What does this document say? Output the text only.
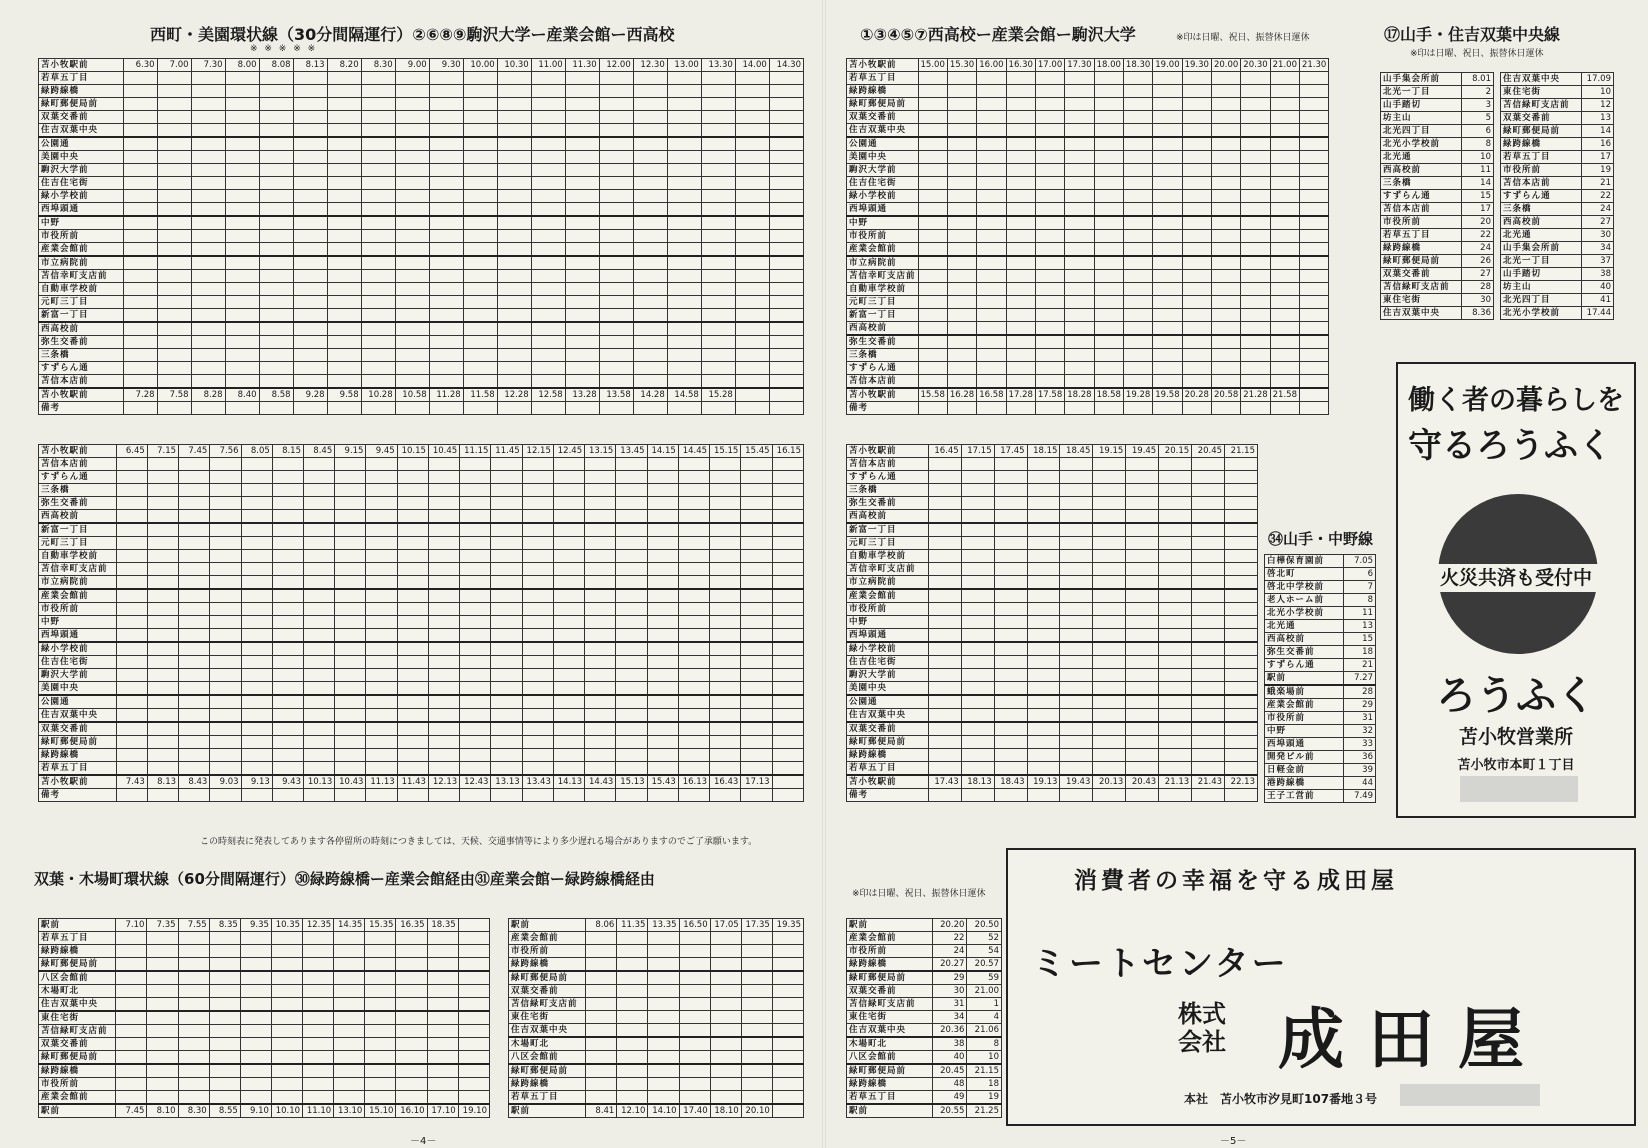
西町・美園環状線（30分間隔運行）②⑥⑧⑨駒沢大学ー産業会館ー西高校
※ ※ ※ ※ ※
苫小牧駅前	6.30	7.00	7.30	8.00	8.08	8.13	8.20	8.30	9.00	9.30	10.00	10.30	11.00	11.30	12.00	12.30	13.00	13.30	14.00	14.30
若草五丁目																				
緑跨線橋																				
緑町郵便局前																				
双葉交番前																				
住吉双葉中央																				
公園通																				
美園中央																				
駒沢大学前																				
住吉住宅街																				
緑小学校前																				
西埠頭通																				
中野																				
市役所前																				
産業会館前																				
市立病院前																				
苫信幸町支店前																				
自動車学校前																				
元町三丁目																				
新富一丁目																				
西高校前																				
弥生交番前																				
三条橋																				
すずらん通																				
苫信本店前																				
苫小牧駅前	7.28	7.58	8.28	8.40	8.58	9.28	9.58	10.28	10.58	11.28	11.58	12.28	12.58	13.28	13.58	14.28	14.58	15.28		
備考																				
苫小牧駅前	6.45	7.15	7.45	7.56	8.05	8.15	8.45	9.15	9.45	10.15	10.45	11.15	11.45	12.15	12.45	13.15	13.45	14.15	14.45	15.15	15.45	16.15
苫信本店前																						
すずらん通																						
三条橋																						
弥生交番前																						
西高校前																						
新富一丁目																						
元町三丁目																						
自動車学校前																						
苫信幸町支店前																						
市立病院前																						
産業会館前																						
市役所前																						
中野																						
西埠頭通																						
緑小学校前																						
住吉住宅街																						
駒沢大学前																						
美園中央																						
公園通																						
住吉双葉中央																						
双葉交番前																						
緑町郵便局前																						
緑跨線橋																						
若草五丁目																						
苫小牧駅前	7.43	8.13	8.43	9.03	9.13	9.43	10.13	10.43	11.13	11.43	12.13	12.43	13.13	13.43	14.13	14.43	15.13	15.43	16.13	16.43	17.13	
備考																						
この時刻表に発表してあります各停留所の時刻につきましては、天候、交通事情等により多少遅れる場合がありますのでご了承願います。
双葉・木場町環状線（60分間隔運行）㉚緑跨線橋ー産業会館経由㉛産業会館ー緑跨線橋経由
駅前	7.10	7.35	7.55	8.35	9.35	10.35	12.35	14.35	15.35	16.35	18.35	
若草五丁目												
緑跨線橋												
緑町郵便局前												
八区会館前												
木場町北												
住吉双葉中央												
東住宅街												
苫信緑町支店前												
双葉交番前												
緑町郵便局前												
緑跨線橋												
市役所前												
産業会館前												
駅前	7.45	8.10	8.30	8.55	9.10	10.10	11.10	13.10	15.10	16.10	17.10	19.10
駅前	8.06	11.35	13.35	16.50	17.05	17.35	19.35
産業会館前							
市役所前							
緑跨線橋							
緑町郵便局前							
双葉交番前							
苫信緑町支店前							
東住宅街							
住吉双葉中央							
木場町北							
八区会館前							
緑町郵便局前							
緑跨線橋							
若草五丁目							
駅前	8.41	12.10	14.10	17.40	18.10	20.10	
－4－
①③④⑤⑦西高校ー産業会館ー駒沢大学	※印は日曜、祝日、振替休日運休
苫小牧駅前	15.00	15.30	16.00	16.30	17.00	17.30	18.00	18.30	19.00	19.30	20.00	20.30	21.00	21.30
若草五丁目														
緑跨線橋														
緑町郵便局前														
双葉交番前														
住吉双葉中央														
公園通														
美園中央														
駒沢大学前														
住吉住宅街														
緑小学校前														
西埠頭通														
中野														
市役所前														
産業会館前														
市立病院前														
苫信幸町支店前														
自動車学校前														
元町三丁目														
新富一丁目														
西高校前														
弥生交番前														
三条橋														
すずらん通														
苫信本店前														
苫小牧駅前	15.58	16.28	16.58	17.28	17.58	18.28	18.58	19.28	19.58	20.28	20.58	21.28	21.58	
備考														
苫小牧駅前	16.45	17.15	17.45	18.15	18.45	19.15	19.45	20.15	20.45	21.15
苫信本店前										
すずらん通										
三条橋										
弥生交番前										
西高校前										
新富一丁目										
元町三丁目										
自動車学校前										
苫信幸町支店前										
市立病院前										
産業会館前										
市役所前										
中野										
西埠頭通										
緑小学校前										
住吉住宅街										
駒沢大学前										
美園中央										
公園通										
住吉双葉中央										
双葉交番前										
緑町郵便局前										
緑跨線橋										
若草五丁目										
苫小牧駅前	17.43	18.13	18.43	19.13	19.43	20.13	20.43	21.13	21.43	22.13
備考										
⑰山手・住吉双葉中央線
※印は日曜、祝日、振替休日運休
山手集会所前	8.01
北光一丁目	2
山手踏切	3
坊主山	5
北光四丁目	6
北光小学校前	8
北光通	10
西高校前	11
三条橋	14
すずらん通	15
苫信本店前	17
市役所前	20
若草五丁目	22
緑跨線橋	24
緑町郵便局前	26
双葉交番前	27
苫信緑町支店前	28
東住宅街	30
住吉双葉中央	8.36
住吉双葉中央	17.09
東住宅街	10
苫信緑町支店前	12
双葉交番前	13
緑町郵便局前	14
緑跨線橋	16
若草五丁目	17
市役所前	19
苫信本店前	21
すずらん通	22
三条橋	24
西高校前	27
北光通	30
山手集会所前	34
北光一丁目	37
山手踏切	38
坊主山	40
北光四丁目	41
北光小学校前	17.44
㉞山手・中野線
白樺保育園前	7.05
啓北町	6
啓北中学校前	7
老人ホーム前	8
北光小学校前	11
北光通	13
西高校前	15
弥生交番前	18
すずらん通	21
駅前	7.27
蛾楽場前	28
産業会館前	29
市役所前	31
中野	32
西埠頭通	33
開発ビル前	36
日軽金前	39
港跨線橋	44
王子工営前	7.49
※印は日曜、祝日、振替休日運休
駅前	20.20	20.50
産業会館前	22	52
市役所前	24	54
緑跨線橋	20.27	20.57
緑町郵便局前	29	59
双葉交番前	30	21.00
苫信緑町支店前	31	1
東住宅街	34	4
住吉双葉中央	20.36	21.06
木場町北	38	8
八区会館前	40	10
緑町郵便局前	20.45	21.15
緑跨線橋	48	18
若草五丁目	49	19
駅前	20.55	21.25
働く者の暮らしを
守るろうふく
火災共済も受付中
ろうふく
苫小牧営業所
苫小牧市本町１丁目
消費者の幸福を守る成田屋
ミートセンター
株式会社 成田屋
本社　苫小牧市汐見町107番地３号
－5－
